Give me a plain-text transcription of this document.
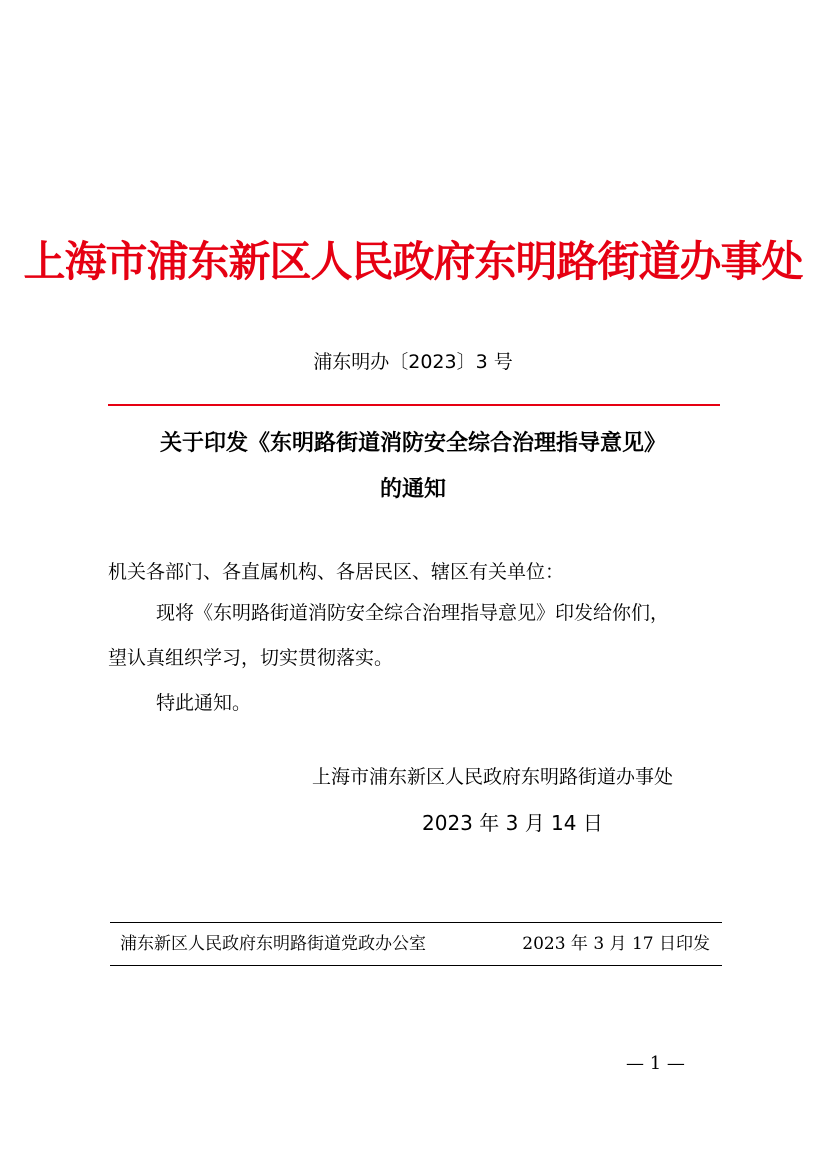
上海市浦东新区人民政府东明路街道办事处
浦东明办〔2023〕3 号
关于印发《东明路街道消防安全综合治理指导意见》
的通知
机关各部门、各直属机构、各居民区、辖区有关单位：
现将《东明路街道消防安全综合治理指导意见》印发给你们，
望认真组织学习，切实贯彻落实。
特此通知。
上海市浦东新区人民政府东明路街道办事处
2023 年 3 月 14 日
浦东新区人民政府东明路街道党政办公室	2023 年 3 月 17 日印发
— 1 —
